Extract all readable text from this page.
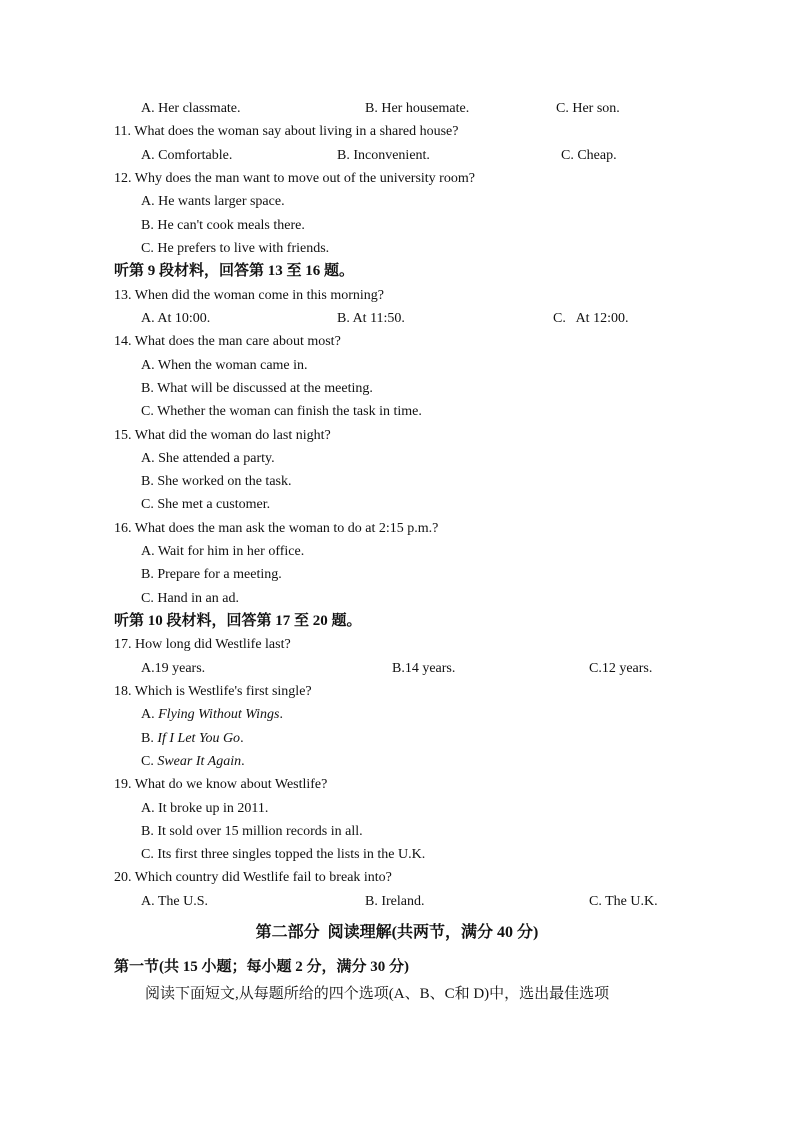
A. Her classmate.	B. Her housemate.	C. Her son.
11. What does the woman say about living in a shared house?
A. Comfortable.	B. Inconvenient.	C. Cheap.
12. Why does the man want to move out of the university room?
A. He wants larger space.
B. He can't cook meals there.
C. He prefers to live with friends.
听第 9 段材料，回答第 13 至 16 题。
13. When did the woman come in this morning?
A. At 10:00.	B. At 11:50.	C.   At 12:00.
14. What does the man care about most?
A. When the woman came in.
B. What will be discussed at the meeting.
C. Whether the woman can finish the task in time.
15. What did the woman do last night?
A. She attended a party.
B. She worked on the task.
C. She met a customer.
16. What does the man ask the woman to do at 2:15 p.m.?
A. Wait for him in her office.
B. Prepare for a meeting.
C. Hand in an ad.
听第 10 段材料，回答第 17 至 20 题。
17. How long did Westlife last?
A.19 years.	B.14 years.	C.12 years.
18. Which is Westlife's first single?
A. Flying Without Wings.
B. If I Let You Go.
C. Swear It Again.
19. What do we know about Westlife?
A. It broke up in 2011.
B. It sold over 15 million records in all.
C. Its first three singles topped the lists in the U.K.
20. Which country did Westlife fail to break into?
A. The U.S.	B. Ireland.	C. The U.K.
第二部分  阅读理解(共两节，满分 40 分)
第一节(共 15 小题；每小题 2 分，满分 30 分)
阅读下面短文,从每题所给的四个选项(A、B、C和 D)中，选出最佳选项
